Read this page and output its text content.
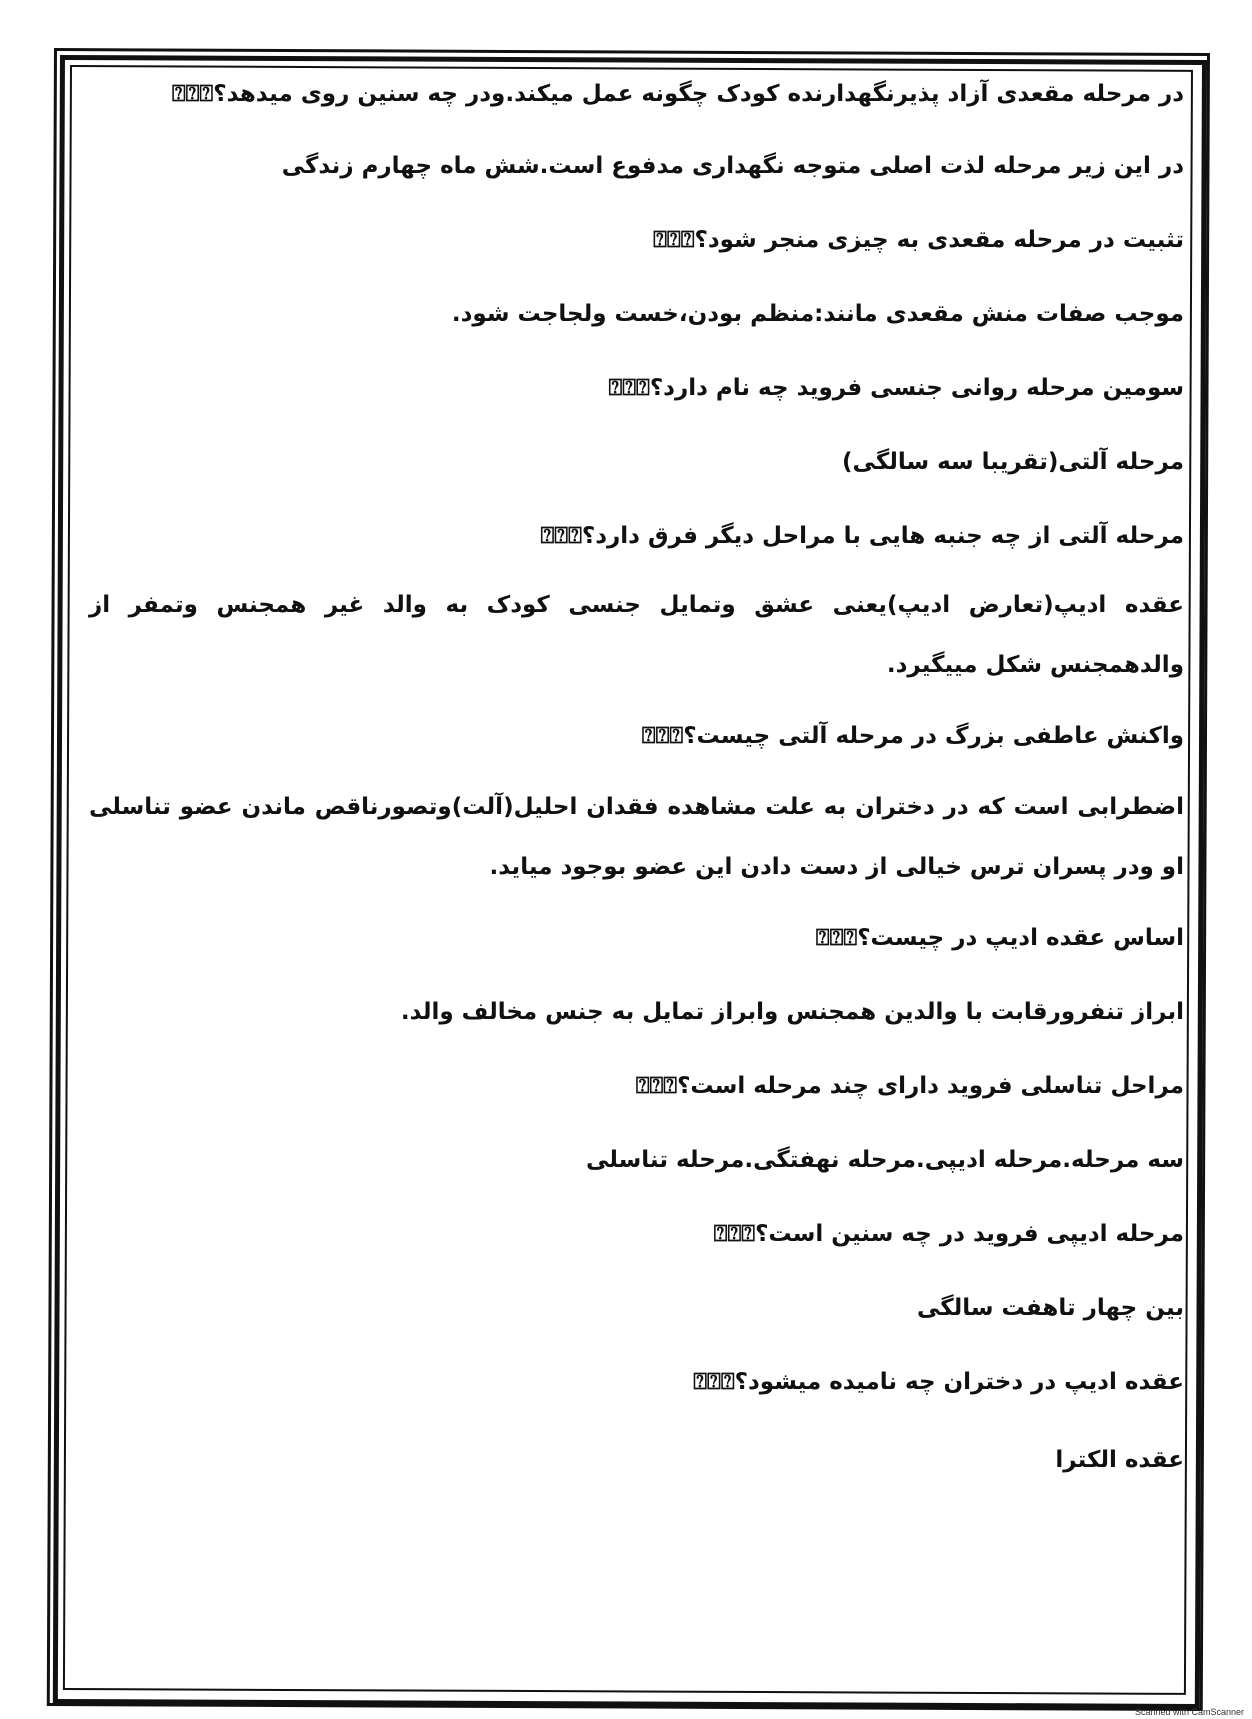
در مرحله مقعدی آزاد پذیرنگهدارنده کودک چگونه عمل میکند.ودر چه سنین روی میدهد؟⍰⍰⍰
در این زیر مرحله لذت اصلی متوجه نگهداری مدفوع است.شش ماه چهارم زندگی
تثبیت در مرحله مقعدی به چیزی منجر شود؟⍰⍰⍰
موجب صفات منش مقعدی مانند:منظم بودن،خست ولجاجت شود.
سومین مرحله روانی جنسی فروید چه نام دارد؟⍰⍰⍰
مرحله آلتی(تقریبا سه سالگی)
مرحله آلتی از چه جنبه هایی با مراحل دیگر فرق دارد؟⍰⍰⍰
عقده ادیپ(تعارض ادیپ)یعنی عشق وتمایل جنسی کودک به والد غیر همجنس وتمفر از والدهمجنس شکل مییگیرد.
واکنش عاطفی بزرگ در مرحله آلتی چیست؟⍰⍰⍰
اضطرابی است که در دختران به علت مشاهده فقدان احلیل(آلت)وتصورناقص ماندن عضو تناسلی او ودر پسران ترس خیالی از دست دادن این عضو بوجود میاید.
اساس عقده ادیپ در چیست؟⍰⍰⍰
ابراز تنفرورقابت با والدین همجنس وابراز تمایل به جنس مخالف والد.
مراحل تناسلی فروید دارای چند مرحله است؟⍰⍰⍰
سه مرحله.مرحله ادیپی.مرحله نهفتگی.مرحله تناسلی
مرحله ادیپی فروید در چه سنین است؟⍰⍰⍰
بین چهار تاهفت سالگی
عقده ادیپ در دختران چه نامیده میشود؟⍰⍰⍰
عقده الکترا
Scanned with CamScanner
